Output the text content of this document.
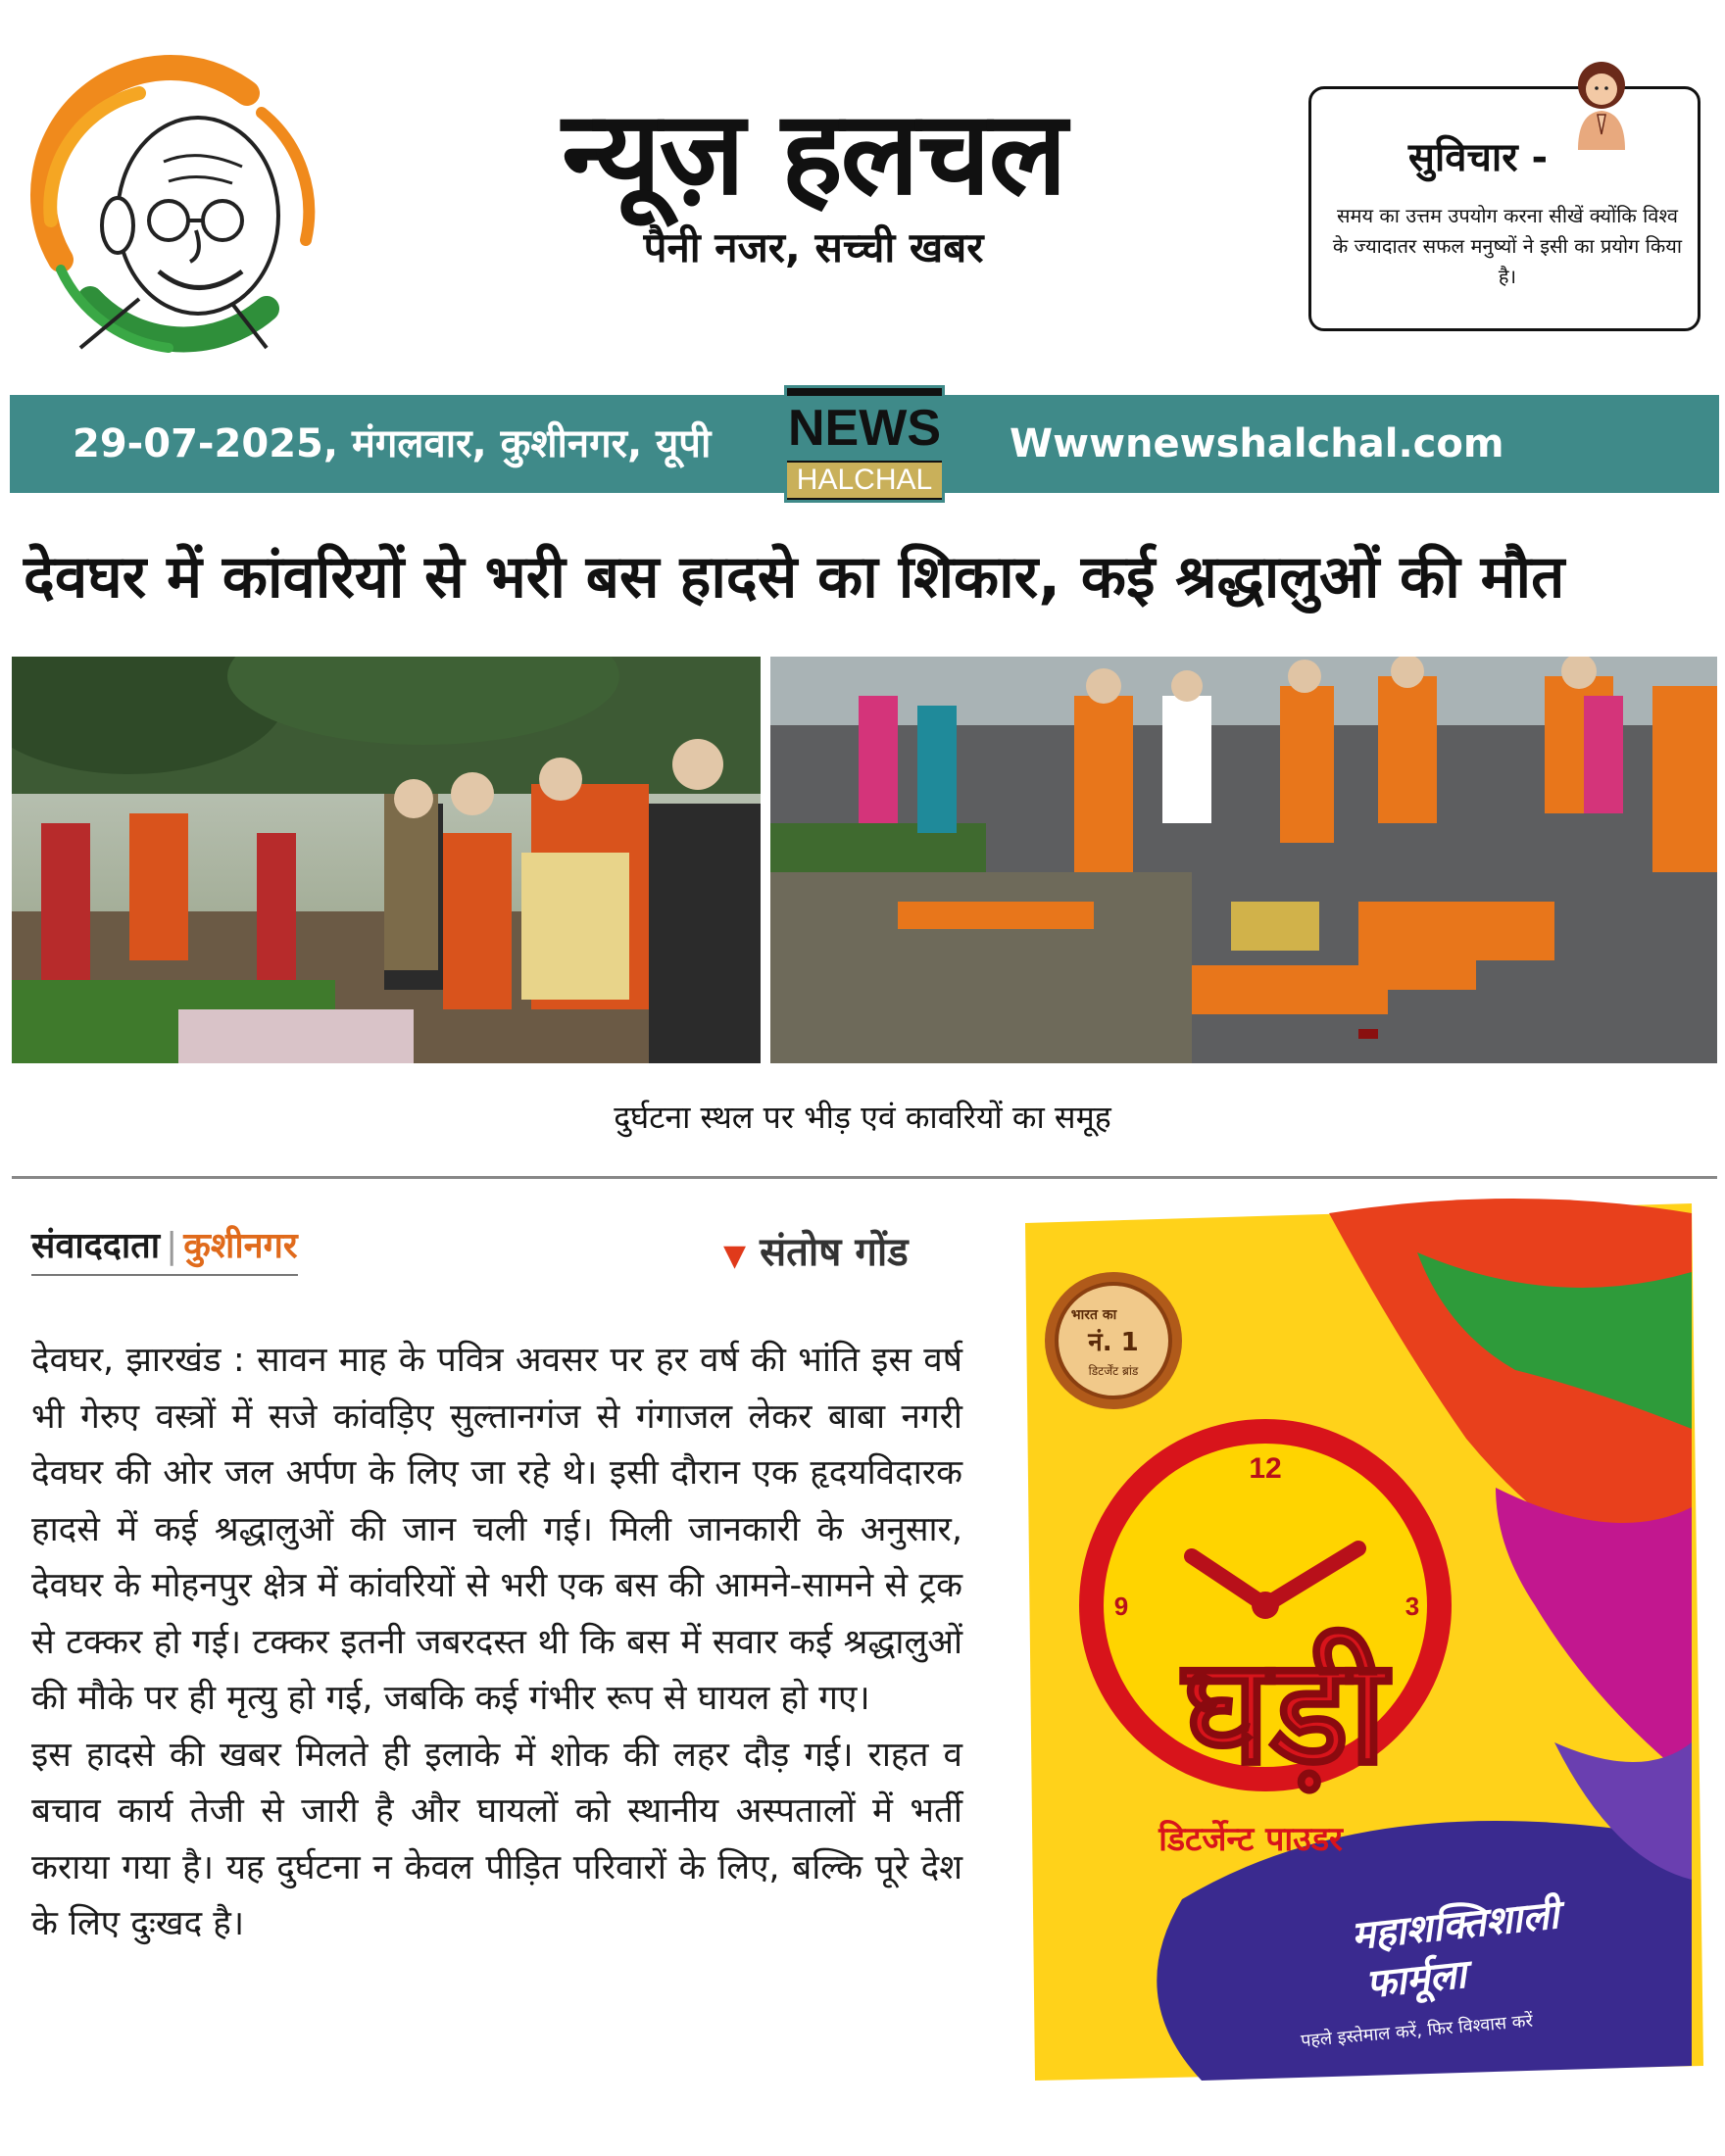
न्यूज़ हलचल
पैनी नजर, सच्ची खबर
सुविचार -
समय का उत्तम उपयोग करना सीखें क्योंकि विश्व के ज्यादातर सफल मनुष्यों ने इसी का प्रयोग किया है।
29-07-2025, मंगलवार, कुशीनगर, यूपी	Wwwnewshalchal.com
NEWS
HALCHAL
देवघर में कांवरियों से भरी बस हादसे का शिकार, कई श्रद्धालुओं की मौत
दुर्घटना स्थल पर भीड़ एवं कावरियों का समूह
संवाददाता | कुशीनगर	▼ संतोष गोंड

देवघर, झारखंड : सावन माह के पवित्र अवसर पर हर वर्ष की भांति इस वर्ष भी गेरुए वस्त्रों में सजे कांवड़िए सुल्तानगंज से गंगाजल लेकर बाबा नगरी देवघर की ओर जल अर्पण के लिए जा रहे थे। इसी दौरान एक हृदयविदारक हादसे में कई श्रद्धालुओं की जान चली गई। मिली जानकारी के अनुसार, देवघर के मोहनपुर क्षेत्र में कांवरियों से भरी एक बस की आमने-सामने से ट्रक से टक्कर हो गई। टक्कर इतनी जबरदस्त थी कि बस में सवार कई श्रद्धालुओं की मौके पर ही मृत्यु हो गई, जबकि कई गंभीर रूप से घायल हो गए।

इस हादसे की खबर मिलते ही इलाके में शोक की लहर दौड़ गई। राहत व बचाव कार्य तेजी से जारी है और घायलों को स्थानीय अस्पतालों में भर्ती कराया गया है। यह दुर्घटना न केवल पीड़ित परिवारों के लिए, बल्कि पूरे देश के लिए दुःखद है।

12
3
9
भारत का
नं. 1
डिटर्जेंट ब्रांड
घड़ी
डिटर्जेन्ट पाउडर
महाशक्तिशाली
फार्मूला
पहले इस्तेमाल करें, फिर विश्वास करें
